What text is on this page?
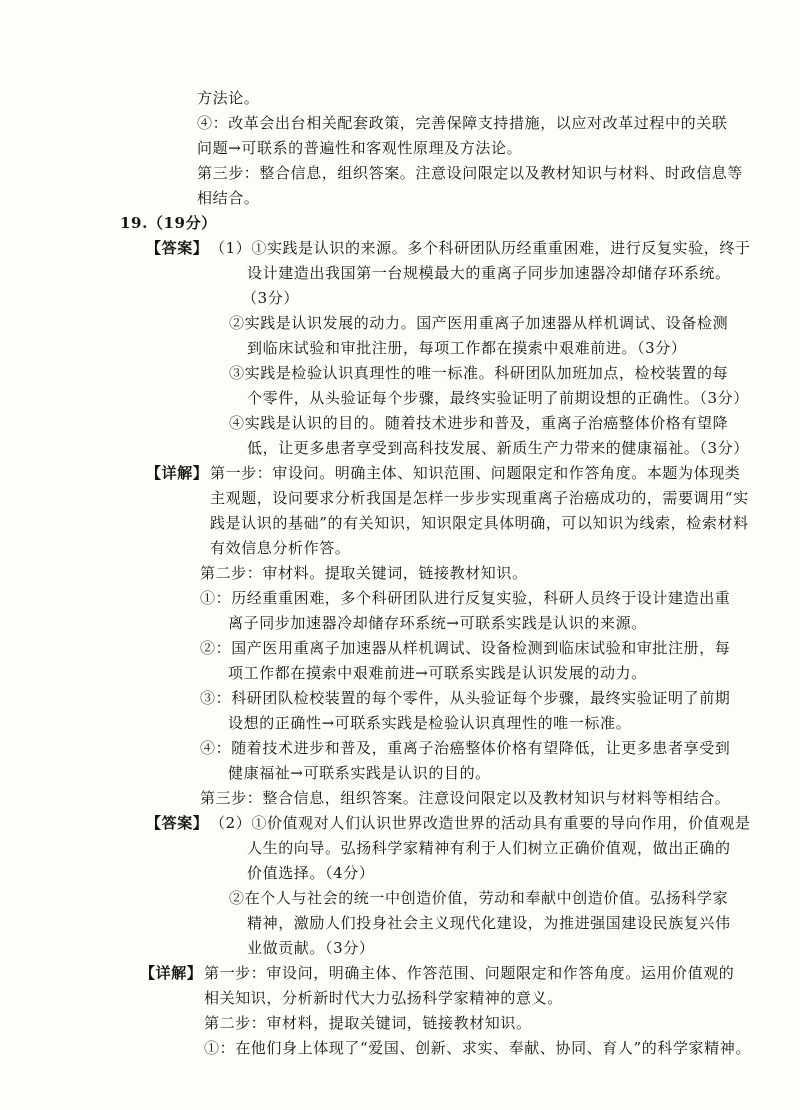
方法论。
④：改革会出台相关配套政策，完善保障支持措施，以应对改革过程中的关联
问题→可联系的普遍性和客观性原理及方法论。
第三步：整合信息，组织答案。注意设问限定以及教材知识与材料、时政信息等
相结合。
19.（19分）
【答案】 （1）①实践是认识的来源。多个科研团队历经重重困难，进行反复实验，终于
设计建造出我国第一台规模最大的重离子同步加速器冷却储存环系统。
（3分）
②实践是认识发展的动力。国产医用重离子加速器从样机调试、设备检测
到临床试验和审批注册，每项工作都在摸索中艰难前进。（3分）
③实践是检验认识真理性的唯一标准。科研团队加班加点，检校装置的每
个零件，从头验证每个步骤，最终实验证明了前期设想的正确性。（3分）
④实践是认识的目的。随着技术进步和普及，重离子治癌整体价格有望降
低，让更多患者享受到高科技发展、新质生产力带来的健康福祉。（3分）
【详解】 第一步：审设问。明确主体、知识范围、问题限定和作答角度。本题为体现类
主观题，设问要求分析我国是怎样一步步实现重离子治癌成功的，需要调用“实
践是认识的基础”的有关知识，知识限定具体明确，可以知识为线索，检索材料
有效信息分析作答。
第二步：审材料。提取关键词，链接教材知识。
①：历经重重困难，多个科研团队进行反复实验，科研人员终于设计建造出重
离子同步加速器冷却储存环系统→可联系实践是认识的来源。
②：国产医用重离子加速器从样机调试、设备检测到临床试验和审批注册，每
项工作都在摸索中艰难前进→可联系实践是认识发展的动力。
③：科研团队检校装置的每个零件，从头验证每个步骤，最终实验证明了前期
设想的正确性→可联系实践是检验认识真理性的唯一标准。
④：随着技术进步和普及，重离子治癌整体价格有望降低，让更多患者享受到
健康福祉→可联系实践是认识的目的。
第三步：整合信息，组织答案。注意设问限定以及教材知识与材料等相结合。
【答案】 （2）①价值观对人们认识世界改造世界的活动具有重要的导向作用，价值观是
人生的向导。弘扬科学家精神有利于人们树立正确价值观，做出正确的
价值选择。（4分）
②在个人与社会的统一中创造价值，劳动和奉献中创造价值。弘扬科学家
精神，激励人们投身社会主义现代化建设，为推进强国建设民族复兴伟
业做贡献。（3分）
【详解】 第一步：审设问，明确主体、作答范围、问题限定和作答角度。运用价值观的
相关知识，分析新时代大力弘扬科学家精神的意义。
第二步：审材料，提取关键词，链接教材知识。
①：在他们身上体现了“爱国、创新、求实、奉献、协同、育人”的科学家精神。
